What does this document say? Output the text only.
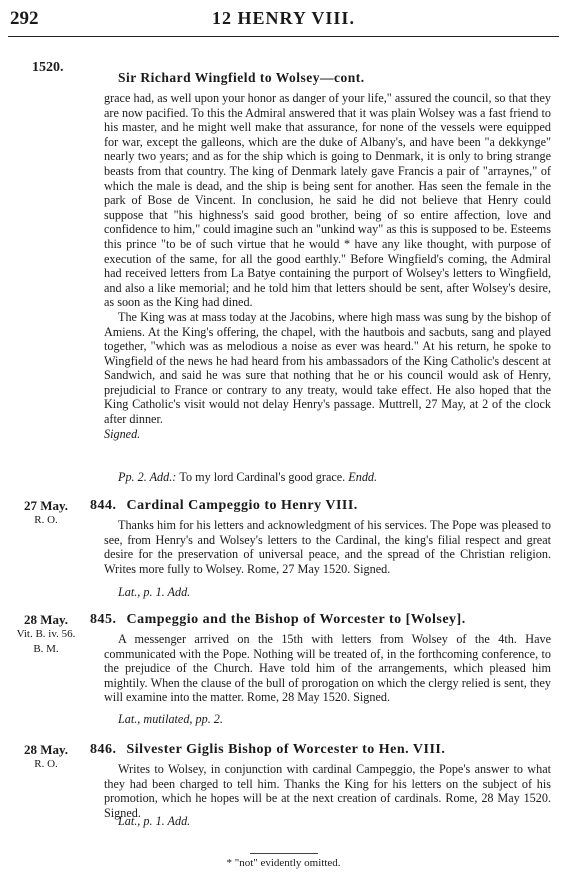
292	12 HENRY VIII.
1520.
Sir Richard Wingfield to Wolsey—cont.

grace had, as well upon your honor as danger of your life," assured the council, so that they are now pacified. To this the Admiral answered that it was plain Wolsey was a fast friend to his master, and he might well make that assurance, for none of the vessels were equipped for war, except the galleons, which are the duke of Albany's, and have been "a dekkynge" nearly two years; and as for the ship which is going to Denmark, it is only to bring strange beasts from that country. The king of Denmark lately gave Francis a pair of "arraynes," of which the male is dead, and the ship is being sent for another. Has seen the female in the park of Bose de Vincent. In conclusion, he said he did not believe that Henry could suppose that "his highness's said good brother, being of so entire affection, love and confidence to him," could imagine such an "unkind way" as this is supposed to be. Esteems this prince "to be of such virtue that he would * have any like thought, with purpose of execution of the same, for all the good earthly." Before Wingfield's coming, the Admiral had received letters from La Batye containing the purport of Wolsey's letters to Wingfield, and also a like memorial; and he told him that letters should be sent, after Wolsey's desire, as soon as the King had dined.

The King was at mass today at the Jacobins, where high mass was sung by the bishop of Amiens. At the King's offering, the chapel, with the hautbois and sacbuts, sang and played together, "which was as melodious a noise as ever was heard." At his return, he spoke to Wingfield of the news he had heard from his ambassadors of the King Catholic's descent at Sandwich, and said he was sure that nothing that he or his council would ask of Henry, prejudicial to France or contrary to any treaty, would take effect. He also hoped that the King Catholic's visit would not delay Henry's passage. Muttrell, 27 May, at 2 of the clock after dinner.

Signed.

Pp. 2. Add.: To my lord Cardinal's good grace. Endd.
27 May.
R. O.
844. Cardinal Campeggio to Henry VIII.

Thanks him for his letters and acknowledgment of his services. The Pope was pleased to see, from Henry's and Wolsey's letters to the Cardinal, the king's filial respect and great desire for the preservation of universal peace, and the spread of the Christian religion. Writes more fully to Wolsey. Rome, 27 May 1520. Signed.

Lat., p. 1. Add.
28 May.
Vit. B. iv. 56.
B. M.
845. Campeggio and the Bishop of Worcester to [Wolsey].

A messenger arrived on the 15th with letters from Wolsey of the 4th. Have communicated with the Pope. Nothing will be treated of, in the forthcoming conference, to the prejudice of the Church. Have told him of the arrangements, which pleased him mightily. When the clause of the bull of prorogation on which the clergy relied is sent, they will examine into the matter. Rome, 28 May 1520. Signed.

Lat., mutilated, pp. 2.
28 May.
R. O.
846. Silvester Giglis Bishop of Worcester to Hen. VIII.

Writes to Wolsey, in conjunction with cardinal Campeggio, the Pope's answer to what they had been charged to tell him. Thanks the King for his letters on the subject of his promotion, which he hopes will be at the next creation of cardinals. Rome, 28 May 1520. Signed.

Lat., p. 1. Add.
* "not" evidently omitted.
